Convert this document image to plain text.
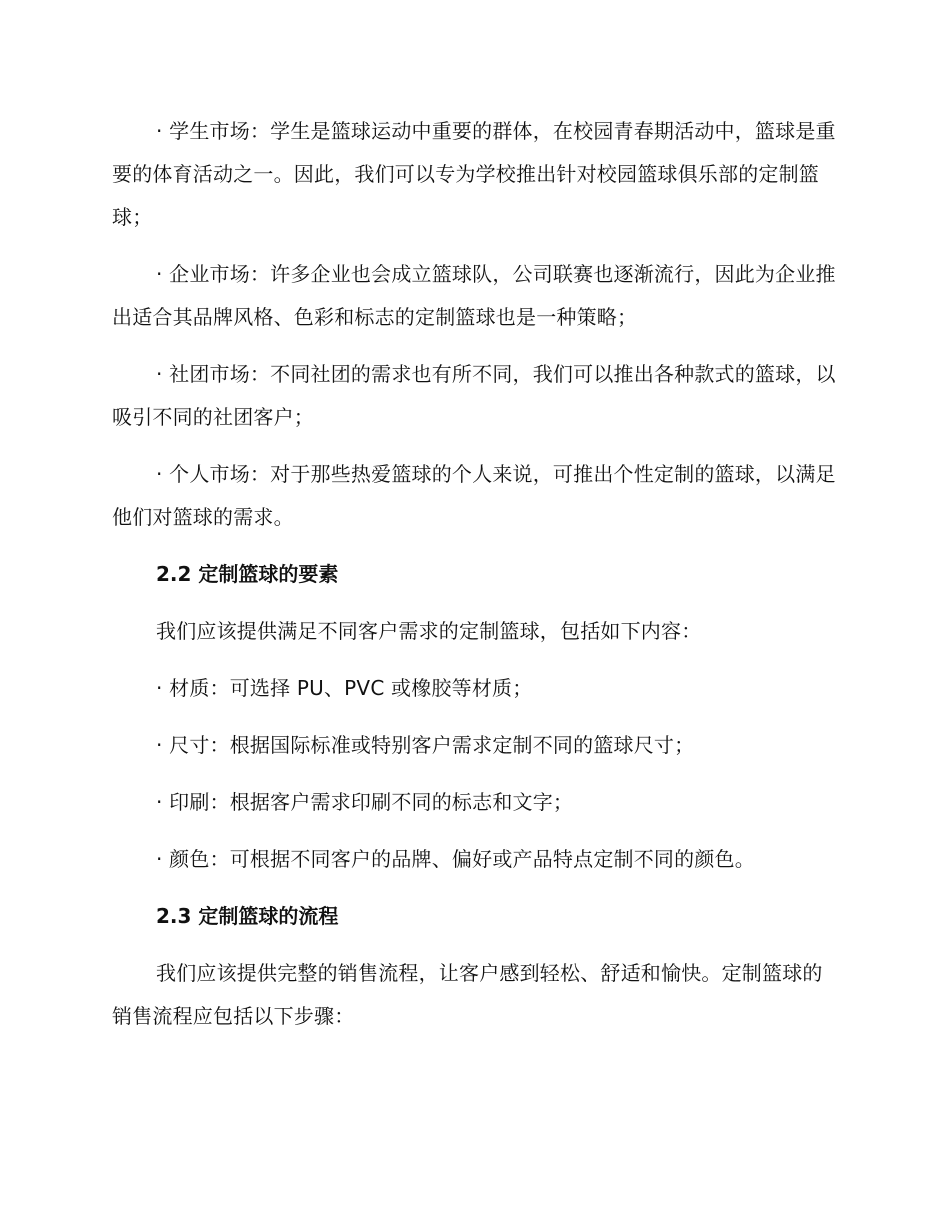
· 学生市场：学生是篮球运动中重要的群体，在校园青春期活动中，篮球是重要的体育活动之一。因此，我们可以专为学校推出针对校园篮球俱乐部的定制篮球；

· 企业市场：许多企业也会成立篮球队，公司联赛也逐渐流行，因此为企业推出适合其品牌风格、色彩和标志的定制篮球也是一种策略；

· 社团市场：不同社团的需求也有所不同，我们可以推出各种款式的篮球，以吸引不同的社团客户；

· 个人市场：对于那些热爱篮球的个人来说，可推出个性定制的篮球，以满足他们对篮球的需求。

2.2 定制篮球的要素

我们应该提供满足不同客户需求的定制篮球，包括如下内容：

· 材质：可选择 PU、PVC 或橡胶等材质；

· 尺寸：根据国际标准或特别客户需求定制不同的篮球尺寸；

· 印刷：根据客户需求印刷不同的标志和文字；

· 颜色：可根据不同客户的品牌、偏好或产品特点定制不同的颜色。

2.3 定制篮球的流程

我们应该提供完整的销售流程，让客户感到轻松、舒适和愉快。定制篮球的销售流程应包括以下步骤：
